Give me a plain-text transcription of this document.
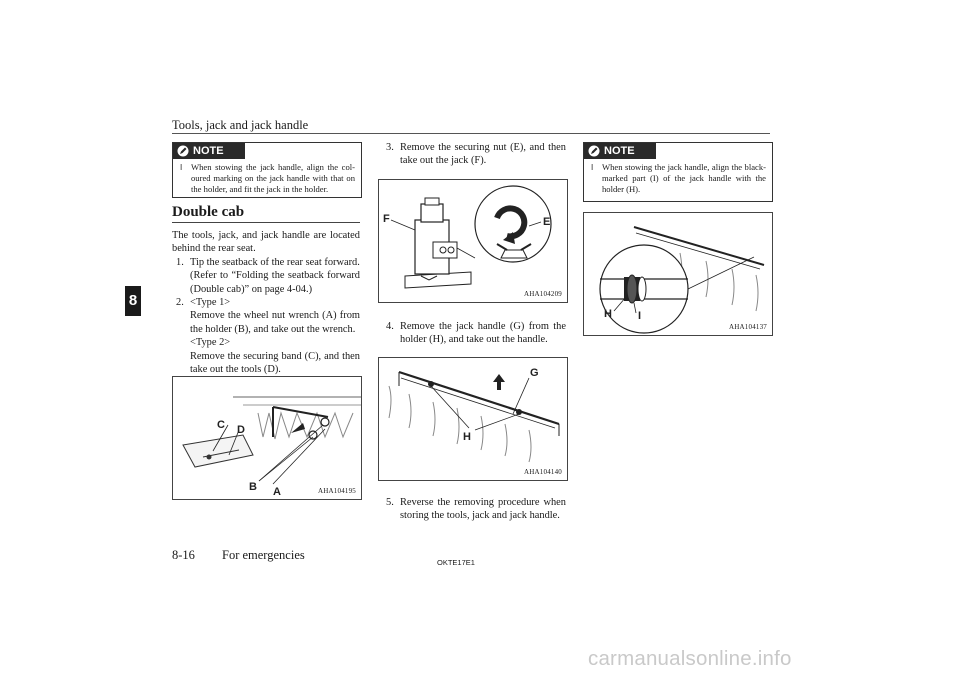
Tools, jack and jack handle
8
NOTE
l When stowing the jack handle, align the col-oured marking on the jack handle with that on the holder, and fit the jack in the holder.
Double cab
The tools, jack, and jack handle are located behind the rear seat.
1. Tip the seatback of the rear seat forward.
(Refer to “Folding the seatback forward (Double cab)” on page 4-04.)
2. <Type 1>
Remove the wheel nut wrench (A) from the holder (B), and take out the wrench.
<Type 2>
Remove the securing band (C), and then take out the tools (D).
C D
B A	AHA104195
3. Remove the securing nut (E), and then take out the jack (F).
F	E
AHA104209
4. Remove the jack handle (G) from the holder (H), and take out the handle.
G
H
AHA104140
5. Reverse the removing procedure when storing the tools, jack and jack handle.
NOTE
l When stowing the jack handle, align the black-marked part (I) of the jack handle with the holder (H).
H I
AHA104137
8-16 For emergencies
OKTE17E1
carmanualsonline.info
